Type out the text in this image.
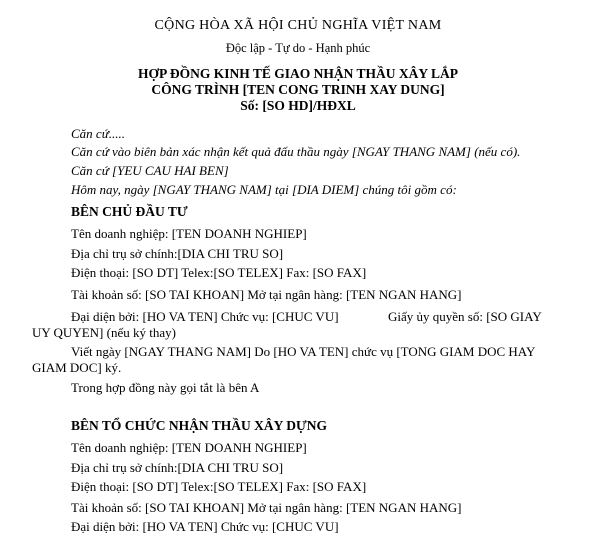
CỘNG HÒA XÃ HỘI CHỦ NGHĨA VIỆT NAM
Độc lập - Tự do - Hạnh phúc
HỢP ĐỒNG KINH TẾ GIAO NHẬN THẦU XÂY LẮP
CÔNG TRÌNH [TEN CONG TRINH XAY DUNG]
Số: [SO HD]/HĐXL
Căn cứ.....
Căn cứ vào biên bản xác nhận kết quả đấu thầu ngày [NGAY THANG NAM] (nếu có).
Căn cứ [YEU CAU HAI BEN]
Hôm nay, ngày [NGAY THANG NAM] tại [DIA DIEM] chúng tôi gồm có:
BÊN CHỦ ĐẦU TƯ
Tên doanh nghiệp: [TEN DOANH NGHIEP]
Địa chỉ trụ sở chính:[DIA CHI TRU SO]
Điện thoại: [SO DT] Telex:[SO TELEX] Fax: [SO FAX]
Tài khoản số: [SO TAI KHOAN] Mở tại ngân hàng: [TEN NGAN HANG]
Đại diện bởi: [HO VA TEN] Chức vụ: [CHUC VU]	Giấy ủy quyền số: [SO GIAY
UY QUYEN] (nếu ký thay)
Viết ngày [NGAY THANG NAM] Do [HO VA TEN] chức vụ [TONG GIAM DOC HAY
GIAM DOC] ký.
Trong hợp đồng này gọi tắt là bên A
BÊN TỔ CHỨC NHẬN THẦU XÂY DỰNG
Tên doanh nghiệp: [TEN DOANH NGHIEP]
Địa chỉ trụ sở chính:[DIA CHI TRU SO]
Điện thoại: [SO DT] Telex:[SO TELEX] Fax: [SO FAX]
Tài khoản số: [SO TAI KHOAN] Mở tại ngân hàng: [TEN NGAN HANG]
Đại diện bởi: [HO VA TEN] Chức vụ: [CHUC VU]
